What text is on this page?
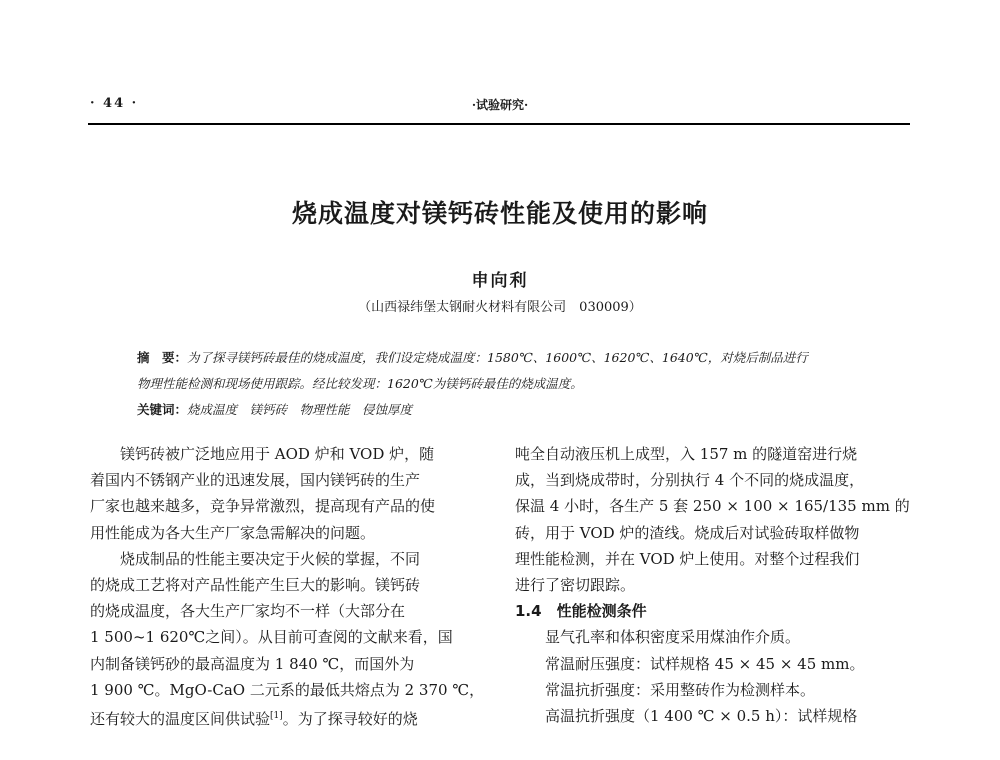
· 44 ·	·试验研究·
烧成温度对镁钙砖性能及使用的影响
申向利
（山西禄纬堡太钢耐火材料有限公司　030009）
摘　要：为了探寻镁钙砖最佳的烧成温度，我们设定烧成温度：1580℃、1600℃、1620℃、1640℃，对烧后制品进行
物理性能检测和现场使用跟踪。经比较发现：1620℃为镁钙砖最佳的烧成温度。
关键词：烧成温度　镁钙砖　物理性能　侵蚀厚度
镁钙砖被广泛地应用于 AOD 炉和 VOD 炉，随
着国内不锈钢产业的迅速发展，国内镁钙砖的生产
厂家也越来越多，竞争异常激烈，提高现有产品的使
用性能成为各大生产厂家急需解决的问题。
烧成制品的性能主要决定于火候的掌握，不同
的烧成工艺将对产品性能产生巨大的影响。镁钙砖
的烧成温度，各大生产厂家均不一样（大部分在
1 500~1 620℃之间）。从目前可查阅的文献来看，国
内制备镁钙砂的最高温度为 1 840 ℃，而国外为
1 900 ℃。MgO-CaO 二元系的最低共熔点为 2 370 ℃，
还有较大的温度区间供试验[1]。为了探寻较好的烧
吨全自动液压机上成型，入 157 m 的隧道窑进行烧
成，当到烧成带时，分别执行 4 个不同的烧成温度，
保温 4 小时，各生产 5 套 250 × 100 × 165/135 mm 的
砖，用于 VOD 炉的渣线。烧成后对试验砖取样做物
理性能检测，并在 VOD 炉上使用。对整个过程我们
进行了密切跟踪。
1.4　性能检测条件
显气孔率和体积密度采用煤油作介质。
常温耐压强度：试样规格 45 × 45 × 45 mm。
常温抗折强度：采用整砖作为检测样本。
高温抗折强度（1 400 ℃ × 0.5 h）：试样规格
